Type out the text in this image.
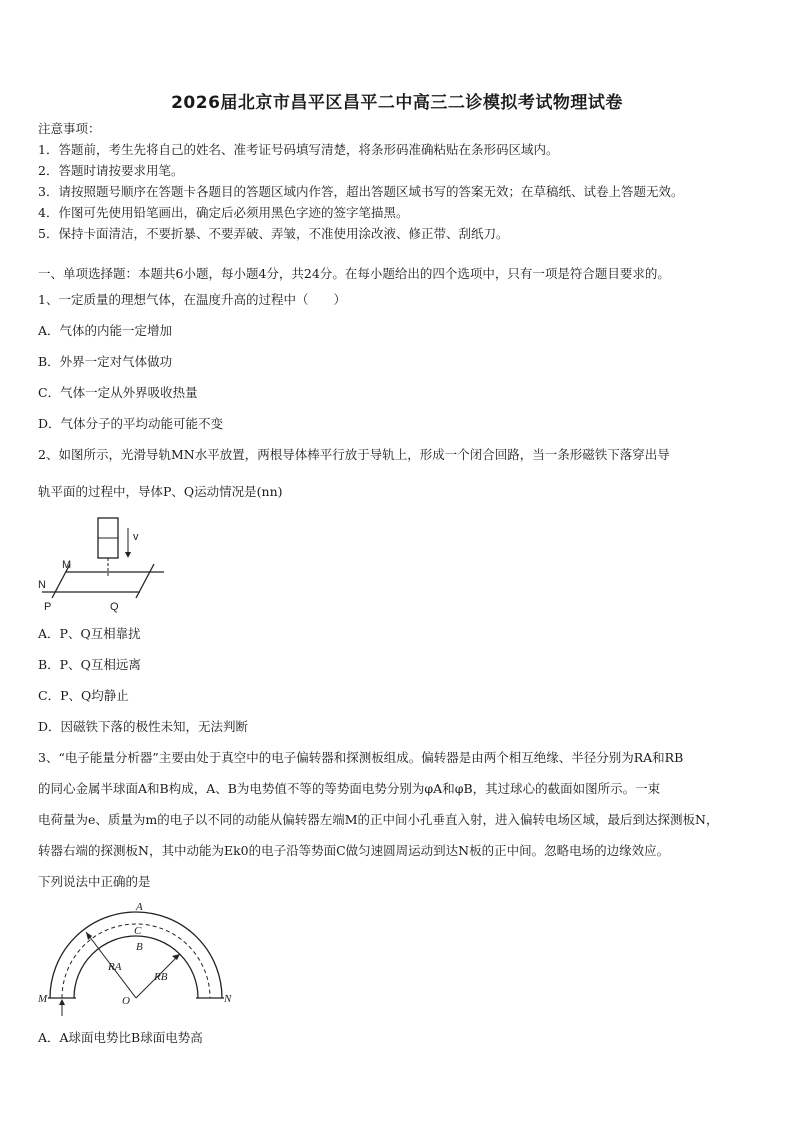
2026届北京市昌平区昌平二中高三二诊模拟考试物理试卷
注意事项：
1．答题前，考生先将自己的姓名、准考证号码填写清楚，将条形码准确粘贴在条形码区域内。
2．答题时请按要求用笔。
3．请按照题号顺序在答题卡各题目的答题区域内作答，超出答题区域书写的答案无效；在草稿纸、试卷上答题无效。
4．作图可先使用铅笔画出，确定后必须用黑色字迹的签字笔描黑。
5．保持卡面清洁，不要折暴、不要弄破、弄皱，不准使用涂改液、修正带、刮纸刀。
一、单项选择题：本题共6小题，每小题4分，共24分。在每小题给出的四个选项中，只有一项是符合题目要求的。
1、一定质量的理想气体，在温度升高的过程中（　　）
A．气体的内能一定增加
B．外界一定对气体做功
C．气体一定从外界吸收热量
D．气体分子的平均动能可能不变
2、如图所示，光滑导轨MN水平放置，两根导体棒平行放于导轨上，形成一个闭合回路，当一条形磁铁下落穿出导
轨平面的过程中，导体P、Q运动情况是(nn)
v
M
N
P	Q
A．P、Q互相靠扰
B．P、Q互相远离
C．P、Q均静止
D．因磁铁下落的极性未知，无法判断
3、“电子能量分析器”主要由处于真空中的电子偏转器和探测板组成。偏转器是由两个相互绝缘、半径分别为RA和RB
的同心金属半球面A和B构成，A、B为电势值不等的等势面电势分别为φA和φB，其过球心的截面如图所示。一束
电荷量为e、质量为m的电子以不同的动能从偏转器左端M的正中间小孔垂直入射，进入偏转电场区域，最后到达探测板N，
转器右端的探测板N，其中动能为Ek0的电子沿等势面C做匀速圆周运动到达N板的正中间。忽略电场的边缘效应。
下列说法中正确的是
A
C
B
RA
RB
O
M	N
A．A球面电势比B球面电势高
